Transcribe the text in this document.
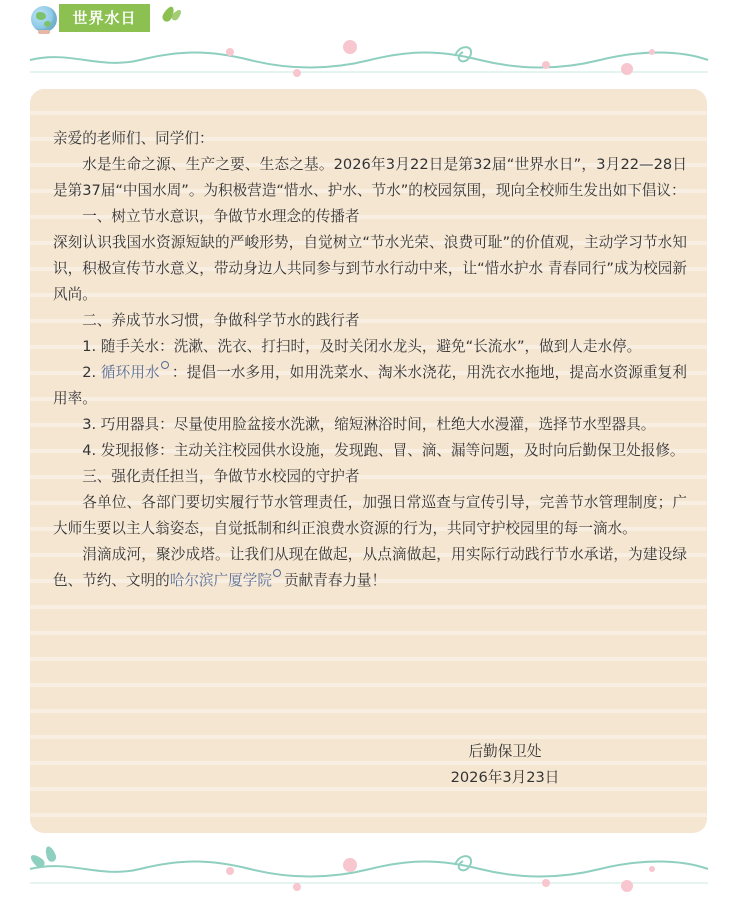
世界水日

亲爱的老师们、同学们：

水是生命之源、生产之要、生态之基。2026年3月22日是第32届“世界水日”，3月22—28日是第37届“中国水周”。为积极营造“惜水、护水、节水”的校园氛围，现向全校师生发出如下倡议：

一、树立节水意识，争做节水理念的传播者

深刻认识我国水资源短缺的严峻形势，自觉树立“节水光荣、浪费可耻”的价值观，主动学习节水知识，积极宣传节水意义，带动身边人共同参与到节水行动中来，让“惜水护水 青春同行”成为校园新风尚。

二、养成节水习惯，争做科学节水的践行者

1. 随手关水：洗漱、洗衣、打扫时，及时关闭水龙头，避免“长流水”，做到人走水停。

2. 循环用水 ：提倡一水多用，如用洗菜水、淘米水浇花，用洗衣水拖地，提高水资源重复利用率。

3. 巧用器具：尽量使用脸盆接水洗漱，缩短淋浴时间，杜绝大水漫灌，选择节水型器具。

4. 发现报修：主动关注校园供水设施，发现跑、冒、滴、漏等问题，及时向后勤保卫处报修。

三、强化责任担当，争做节水校园的守护者

各单位、各部门要切实履行节水管理责任，加强日常巡查与宣传引导，完善节水管理制度；广大师生要以主人翁姿态，自觉抵制和纠正浪费水资源的行为，共同守护校园里的每一滴水。

涓滴成河，聚沙成塔。让我们从现在做起，从点滴做起，用实际行动践行节水承诺，为建设绿色、节约、文明的哈尔滨广厦学院 贡献青春力量！

后勤保卫处
2026年3月23日
